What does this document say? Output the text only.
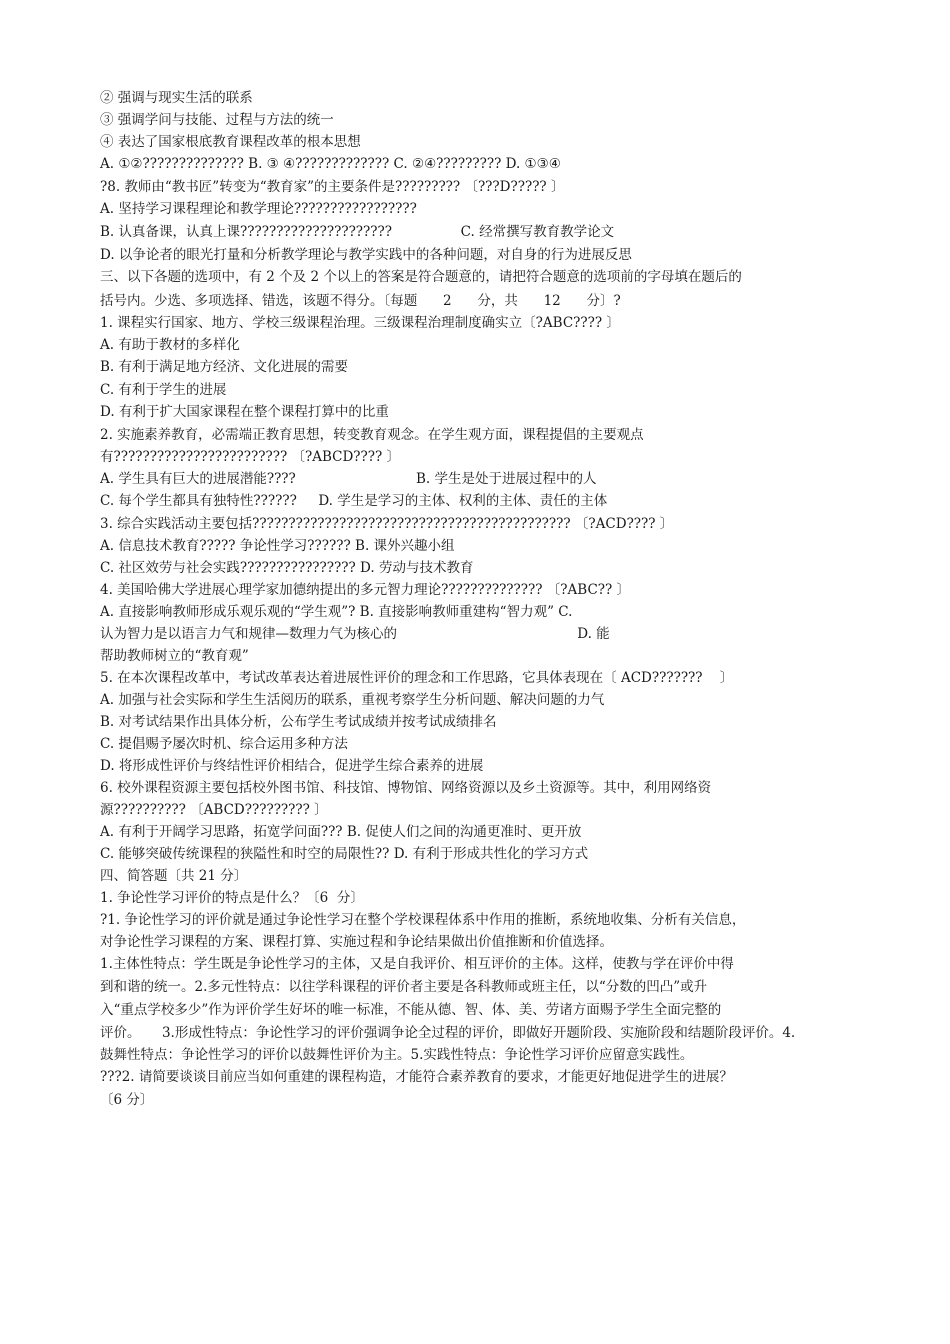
② 强调与现实生活的联系
③ 强调学问与技能、过程与方法的统一
④ 表达了国家根底教育课程改革的根本思想
A. ①②?????????????? B. ③ ④????????????? C. ②④????????? D. ①③④
?8. 教师由“教书匠”转变为“教育家”的主要条件是????????? 〔???D????? 〕
A. 坚持学习课程理论和教学理论?????????????????
B. 认真备课，认真上课?????????????????????                C. 经常撰写教育教学论文
D. 以争论者的眼光打量和分析教学理论与教学实践中的各种问题，对自身的行为进展反思
三、以下各题的选项中，有 2 个及 2 个以上的答案是符合题意的，请把符合题意的选项前的字母填在题后的
括号内。少选、多项选择、错选，该题不得分。〔每题      2      分，共      12      分〕?
1. 课程实行国家、地方、学校三级课程治理。三级课程治理制度确实立〔?ABC???? 〕
A. 有助于教材的多样化
B. 有利于满足地方经济、文化进展的需要
C. 有利于学生的进展
D. 有利于扩大国家课程在整个课程打算中的比重
2. 实施素养教育，必需端正教育思想，转变教育观念。在学生观方面，课程提倡的主要观点
有???????????????????????? 〔?ABCD???? 〕
A. 学生具有巨大的进展潜能????                            B. 学生是处于进展过程中的人
C. 每个学生都具有独特性??????     D. 学生是学习的主体、权利的主体、责任的主体
3. 综合实践活动主要包括???????????????????????????????????????????? 〔?ACD???? 〕
A. 信息技术教育????? 争论性学习?????? B. 课外兴趣小组
C. 社区效劳与社会实践???????????????? D. 劳动与技术教育
4. 美国哈佛大学进展心理学家加德纳提出的多元智力理论?????????????? 〔?ABC?? 〕
A. 直接影响教师形成乐观乐观的“学生观”? B. 直接影响教师重建构“智力观” C.
认为智力是以语言力气和规律—数理力气为核心的                                          D. 能
帮助教师树立的“教育观”
5. 在本次课程改革中，考试改革表达着进展性评价的理念和工作思路，它具体表现在〔 ACD???????    〕
A. 加强与社会实际和学生生活阅历的联系，重视考察学生分析问题、解决问题的力气
B. 对考试结果作出具体分析，公布学生考试成绩并按考试成绩排名
C. 提倡赐予屡次时机、综合运用多种方法
D. 将形成性评价与终结性评价相结合，促进学生综合素养的进展
6. 校外课程资源主要包括校外图书馆、科技馆、博物馆、网络资源以及乡土资源等。其中，利用网络资
源?????????? 〔ABCD????????? 〕
A. 有利于开阔学习思路，拓宽学问面??? B. 促使人们之间的沟通更准时、更开放
C. 能够突破传统课程的狭隘性和时空的局限性?? D. 有利于形成共性化的学习方式
四、简答题〔共 21 分〕
1. 争论性学习评价的特点是什么？〔6  分〕
?1. 争论性学习的评价就是通过争论性学习在整个学校课程体系中作用的推断，系统地收集、分析有关信息，
对争论性学习课程的方案、课程打算、实施过程和争论结果做出价值推断和价值选择。
1.主体性特点：学生既是争论性学习的主体，又是自我评价、相互评价的主体。这样，使教与学在评价中得
到和谐的统一。2.多元性特点：以往学科课程的评价者主要是各科教师或班主任，以“分数的凹凸”或升
入“重点学校多少”作为评价学生好坏的唯一标准，不能从德、智、体、美、劳诸方面赐予学生全面完整的
评价。     3.形成性特点：争论性学习的评价强调争论全过程的评价，即做好开题阶段、实施阶段和结题阶段评价。4.
鼓舞性特点：争论性学习的评价以鼓舞性评价为主。5.实践性特点：争论性学习评价应留意实践性。
???2. 请简要谈谈目前应当如何重建的课程构造，才能符合素养教育的要求，才能更好地促进学生的进展？
〔6 分〕
